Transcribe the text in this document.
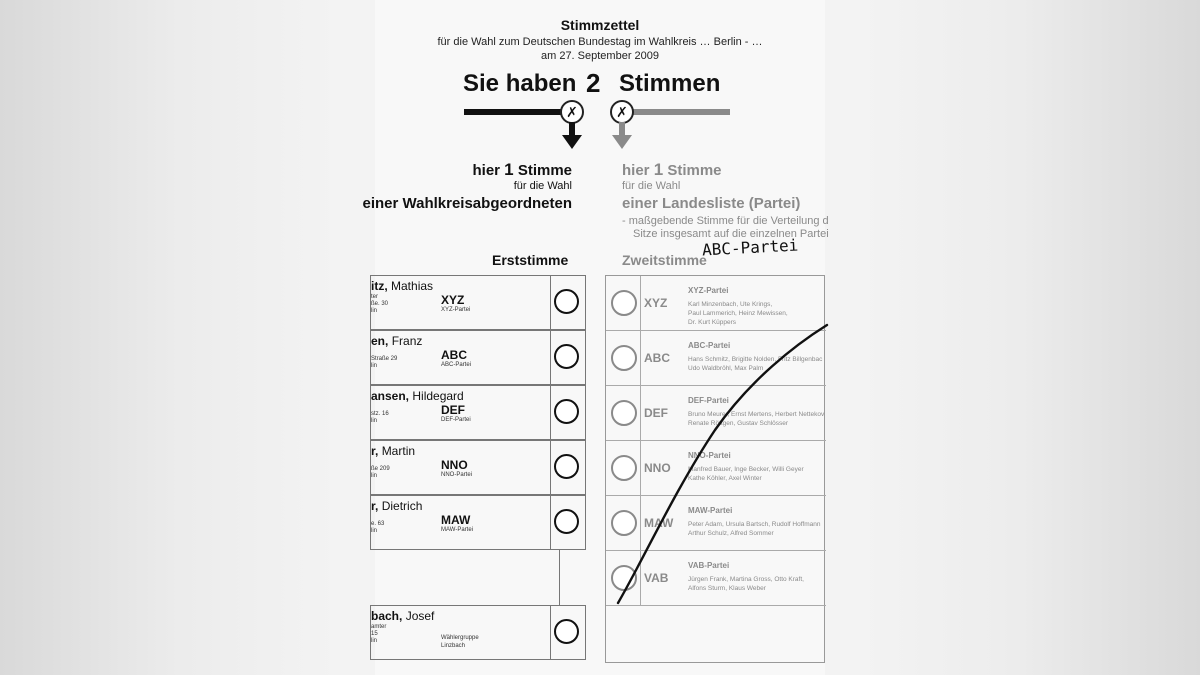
Stimmzettel
für die Wahl zum Deutschen Bundestag im Wahlkreis … Berlin - …
am 27. September 2009
Sie haben 2 Stimmen
✗	✗
hier 1 Stimme
für die Wahl
einer Wahlkreisabgeordneten
hier 1 Stimme
für die Wahl
einer Landesliste (Partei)
- maßgebende Stimme für die Verteilung d
Sitze insgesamt auf die einzelnen Partei
Erststimme	Zweitstimme
ABC-Partei
itz, Mathias
ter
ße. 30
lin
XYZ
XYZ-Partei
en, Franz
Straße 29
lin
ABC
ABC-Partei
ansen, Hildegard
stz. 16
lin
DEF
DEF-Partei
r, Martin
ße 209
lin
NNO
NNO-Partei
r, Dietrich
e. 63
lin
MAW
MAW-Partei
bach, Josef
amter
15
lin	Wählergruppe
Linzbach
XYZ
XYZ-Partei
Karl Minzenbach, Ute Krings,
Paul Lammerich, Heinz Mewissen,
Dr. Kurt Küppers
ABC
ABC-Partei
Hans Schmitz, Brigitte Nolden, Fritz Billgenbac
Udo Waldbröhl, Max Palm
DEF
DEF-Partei
Bruno Meurer, Ernst Mertens, Herbert Nettekov
Renate Röttgen, Gustav Schlösser
NNO
NNO-Partei
Manfred Bauer, Inge Becker, Willi Geyer
Kathe Köhler, Axel Winter
MAW
MAW-Partei
Peter Adam, Ursula Bartsch, Rudolf Hoffmann
Arthur Schulz, Alfred Sommer
VAB
VAB-Partei
Jürgen Frank, Martina Gross, Otto Kraft,
Alfons Sturm, Klaus Weber
